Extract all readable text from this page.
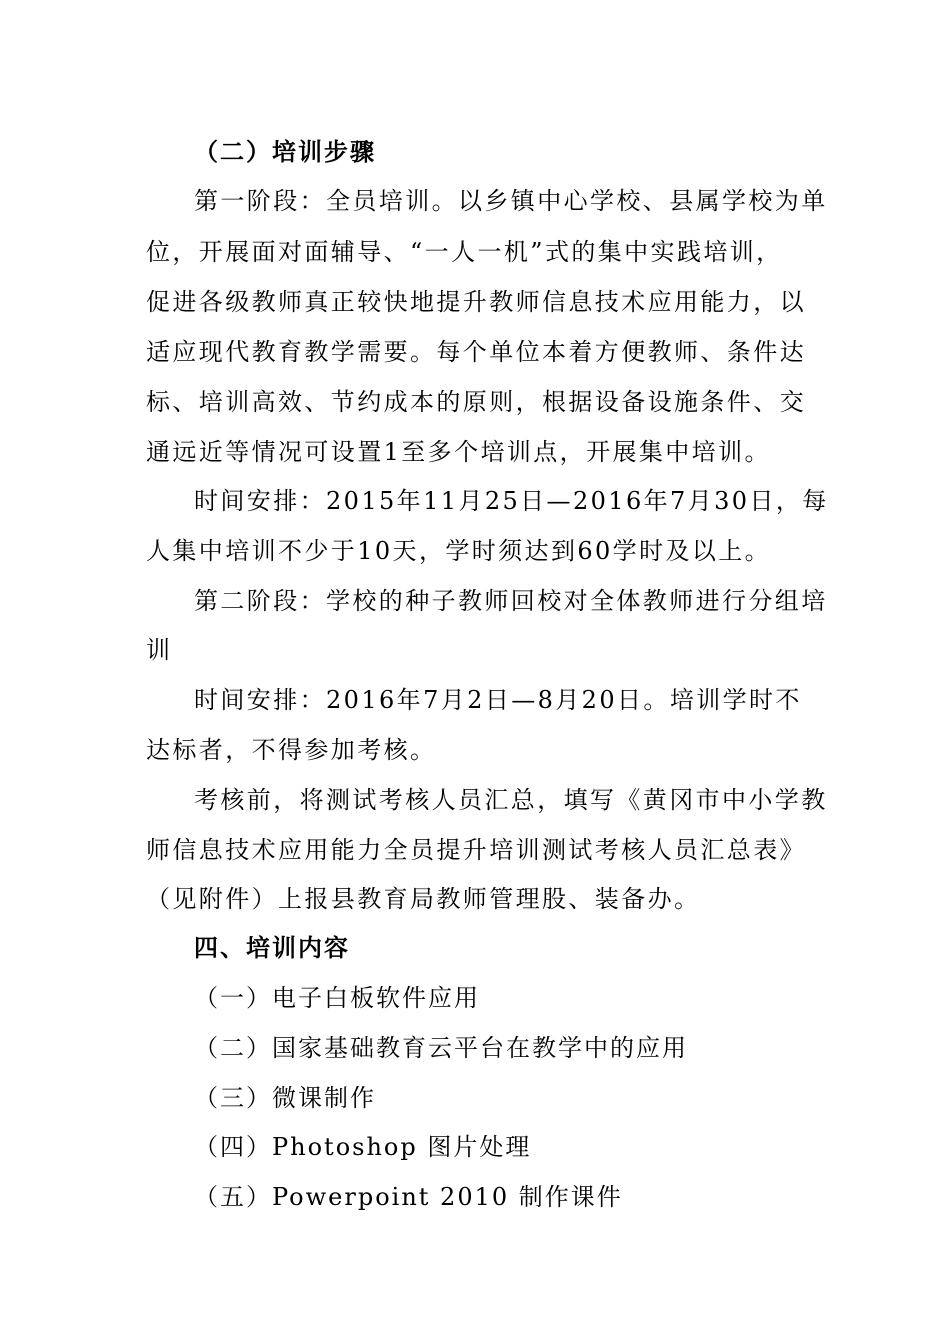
（二）培训步骤
第一阶段：全员培训。以乡镇中心学校、县属学校为单
位，开展面对面辅导、“一人一机”式的集中实践培训，
促进各级教师真正较快地提升教师信息技术应用能力，以
适应现代教育教学需要。每个单位本着方便教师、条件达
标、培训高效、节约成本的原则，根据设备设施条件、交
通远近等情况可设置1至多个培训点，开展集中培训。
时间安排：2015年11月25日—2016年7月30日，每
人集中培训不少于10天，学时须达到60学时及以上。
第二阶段：学校的种子教师回校对全体教师进行分组培
训
时间安排：2016年7月2日—8月20日。培训学时不
达标者，不得参加考核。
考核前，将测试考核人员汇总，填写《黄冈市中小学教
师信息技术应用能力全员提升培训测试考核人员汇总表》
（见附件）上报县教育局教师管理股、装备办。
四、培训内容
（一）电子白板软件应用
（二）国家基础教育云平台在教学中的应用
（三）微课制作
（四）Photoshop 图片处理
（五）Powerpoint 2010 制作课件
